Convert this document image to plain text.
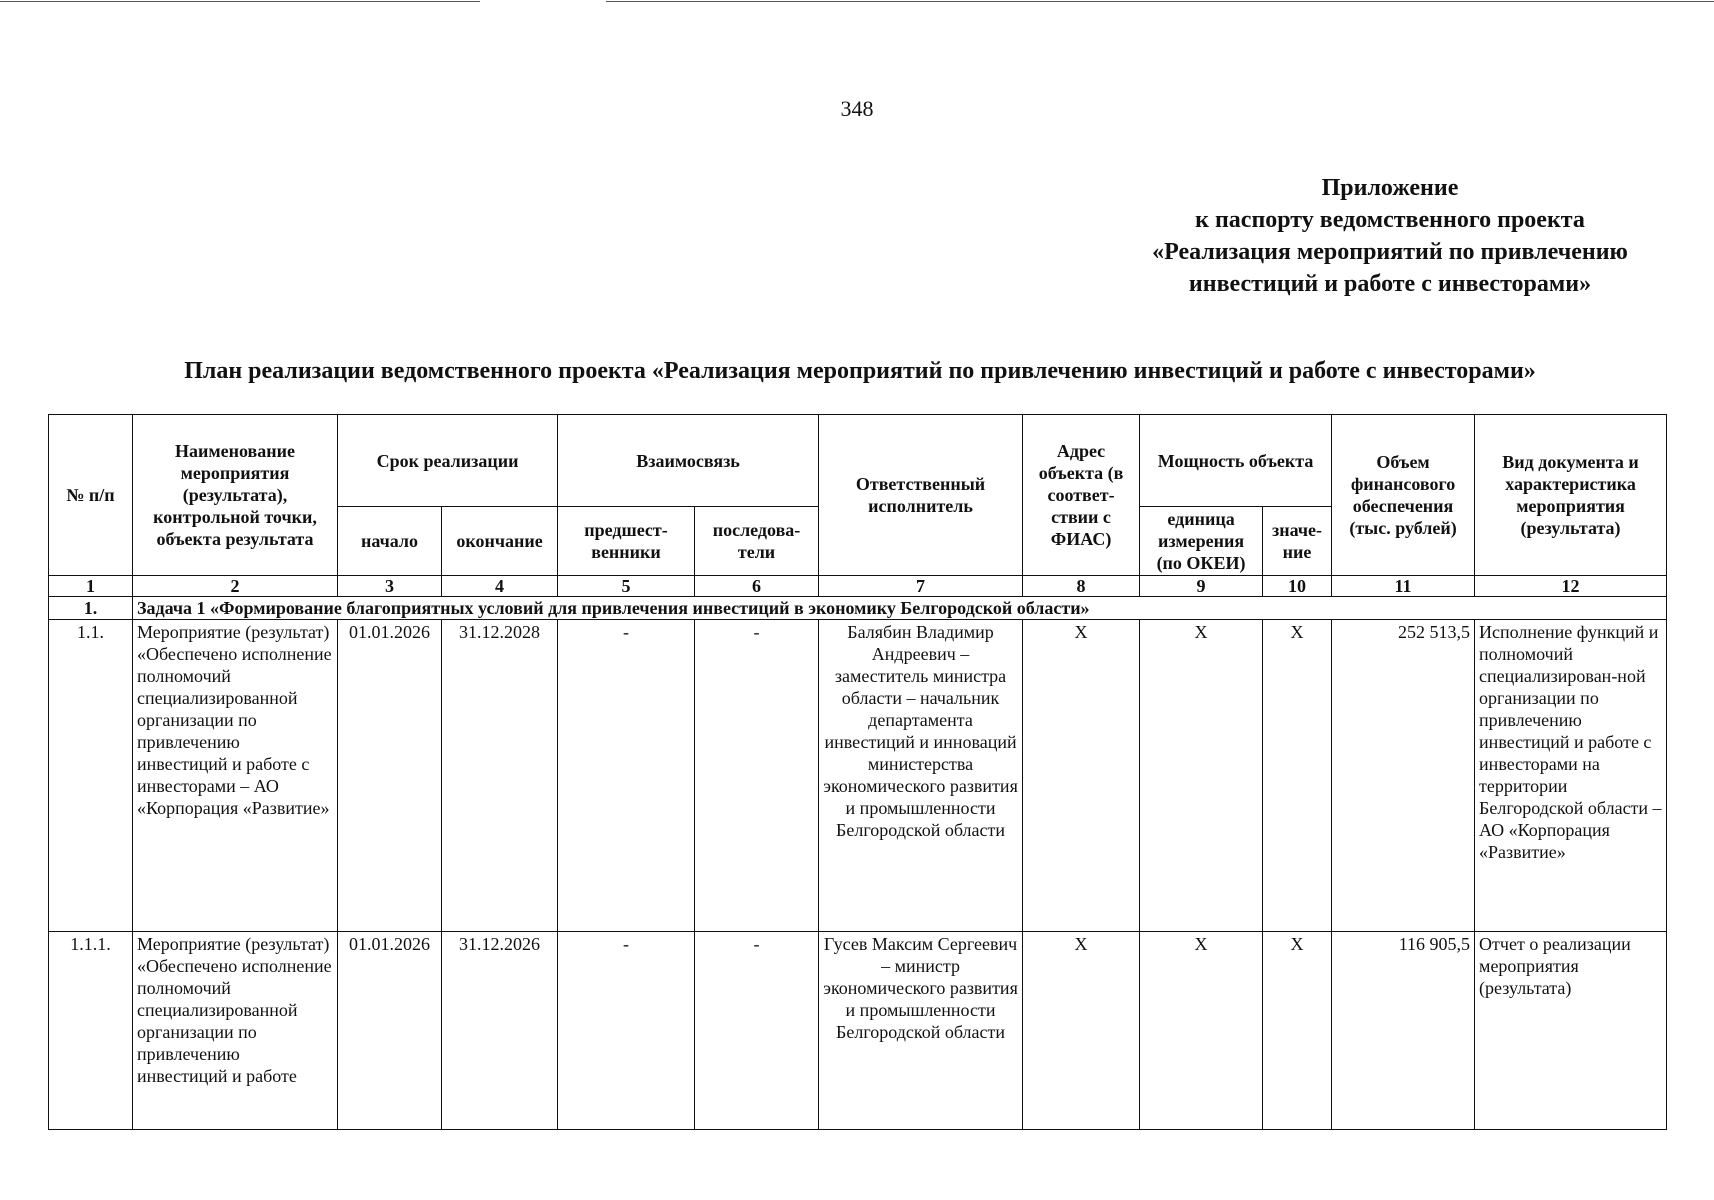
348
Приложение
к паспорту ведомственного проекта
«Реализация мероприятий по привлечению
инвестиций и работе с инвесторами»
План реализации ведомственного проекта «Реализация мероприятий по привлечению инвестиций и работе с инвесторами»
№ п/п	Наименование мероприятия (результата), контрольной точки, объекта результата	Срок реализации		Взаимосвязь		Ответственный исполнитель	Адрес объекта (в соответ-ствии с ФИАС)	Мощность объекта		Объем финансового обеспечения (тыс. рублей)	Вид документа и характеристика мероприятия (результата)
		начало	окончание	предшест-венники	последова-тели			единица измерения (по ОКЕИ)	значе-ние		
1	2	3	4	5	6	7	8	9	10	11	12
1.	Задача 1 «Формирование благоприятных условий для привлечения инвестиций в экономику Белгородской области»										
1.1.	Мероприятие (результат) «Обеспечено исполнение полномочий специализированной организации по привлечению инвестиций и работе с инвесторами – АО «Корпорация «Развитие»	01.01.2026	31.12.2028	-	-	Балябин Владимир Андреевич – заместитель министра области – начальник департамента инвестиций и инноваций министерства экономического развития и промышленности Белгородской области	X	X	X	252 513,5	Исполнение функций и полномочий специализирован-ной организации по привлечению инвестиций и работе с инвесторами на территории Белгородской области – АО «Корпорация «Развитие»
1.1.1.	Мероприятие (результат) «Обеспечено исполнение полномочий специализированной организации по привлечению инвестиций и работе	01.01.2026	31.12.2026	-	-	Гусев Максим Сергеевич – министр экономического развития и промышленности Белгородской области	X	X	X	116 905,5	Отчет о реализации мероприятия (результата)
